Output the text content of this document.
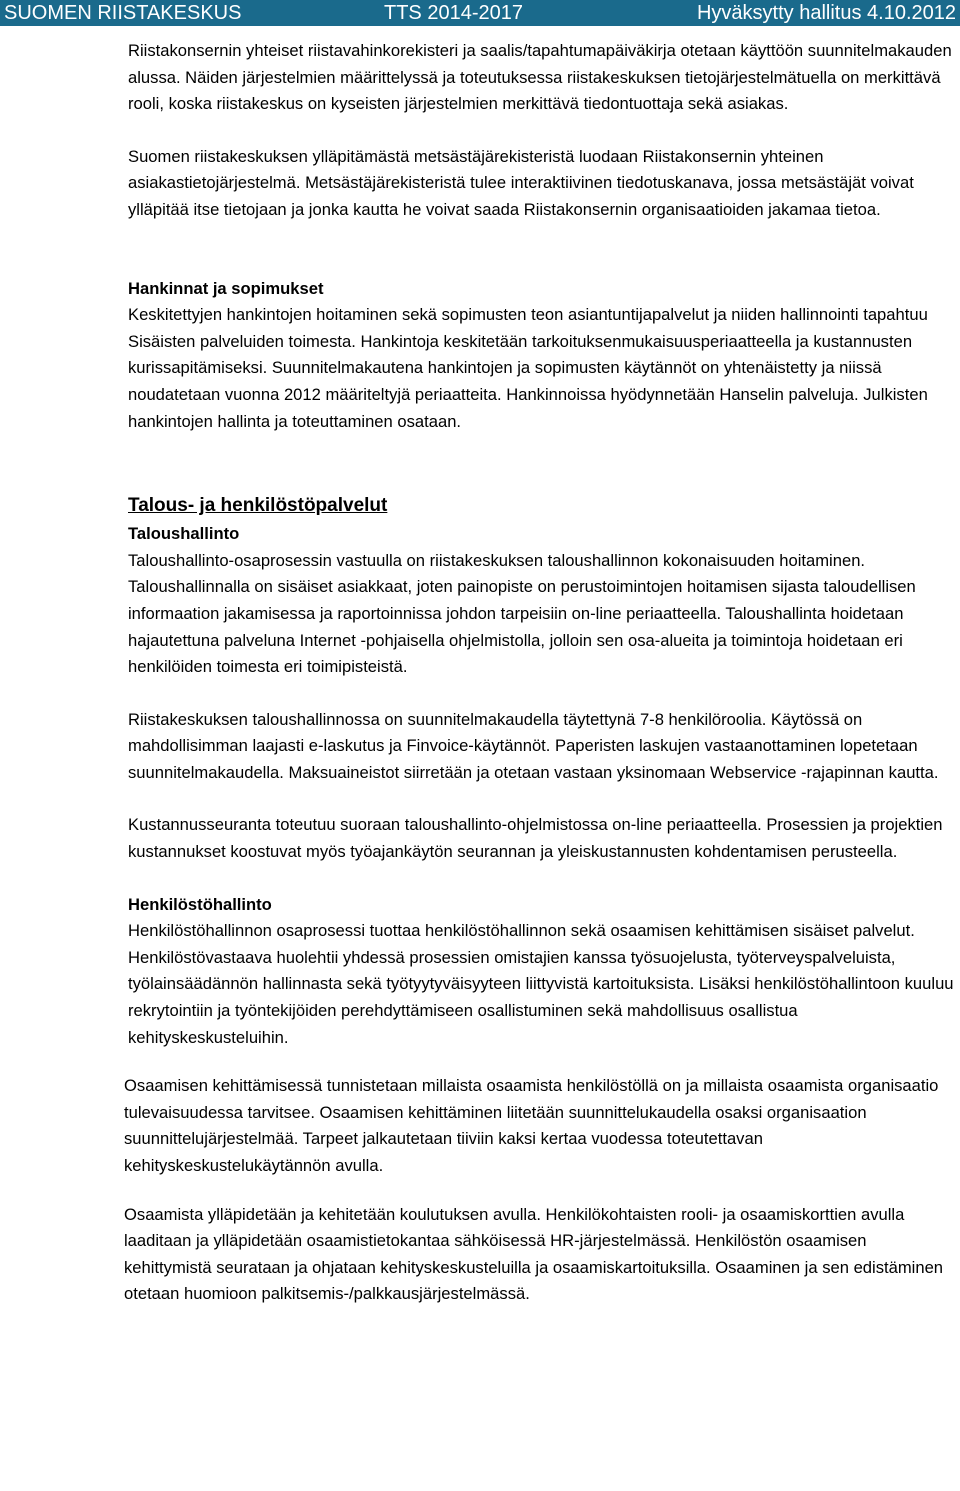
SUOMEN RIISTAKESKUS	TTS 2014-2017	Hyväksytty hallitus 4.10.2012

Riistakonsernin yhteiset riistavahinkorekisteri ja saalis/tapahtumapäiväkirja otetaan käyttöön suunnitelmakauden alussa. Näiden järjestelmien määrittelyssä ja toteutuksessa riistakeskuksen tietojärjestelmätuella on merkittävä rooli, koska riistakeskus on kyseisten järjestelmien merkittävä tiedontuottaja sekä asiakas.

Suomen riistakeskuksen ylläpitämästä metsästäjärekisteristä luodaan Riistakonsernin yhteinen asiakastietojärjestelmä. Metsästäjärekisteristä tulee interaktiivinen tiedotuskanava, jossa metsästäjät voivat ylläpitää itse tietojaan ja jonka kautta he voivat saada Riistakonsernin organisaatioiden jakamaa tietoa.

Hankinnat ja sopimukset

Keskitettyjen hankintojen hoitaminen sekä sopimusten teon asiantuntijapalvelut ja niiden hallinnointi tapahtuu Sisäisten palveluiden toimesta. Hankintoja keskitetään tarkoituksenmukaisuusperiaatteella ja kustannusten kurissapitämiseksi. Suunnitelmakautena hankintojen ja sopimusten käytännöt on yhtenäistetty ja niissä noudatetaan vuonna 2012 määriteltyjä periaatteita. Hankinnoissa hyödynnetään Hanselin palveluja. Julkisten hankintojen hallinta ja toteuttaminen osataan.

Talous- ja henkilöstöpalvelut
Taloushallinto

Taloushallinto-osaprosessin vastuulla on riistakeskuksen taloushallinnon kokonaisuuden hoitaminen. Taloushallinnalla on sisäiset asiakkaat, joten painopiste on perustoimintojen hoitamisen sijasta taloudellisen informaation jakamisessa ja raportoinnissa johdon tarpeisiin on-line periaatteella. Taloushallinta hoidetaan hajautettuna palveluna Internet -pohjaisella ohjelmistolla, jolloin sen osa-alueita ja toimintoja hoidetaan eri henkilöiden toimesta eri toimipisteistä.

Riistakeskuksen taloushallinnossa on suunnitelmakaudella täytettynä 7-8 henkilöroolia. Käytössä on mahdollisimman laajasti e-laskutus ja Finvoice-käytännöt. Paperisten laskujen vastaanottaminen lopetetaan suunnitelmakaudella. Maksuaineistot siirretään ja otetaan vastaan yksinomaan Webservice -rajapinnan kautta.

Kustannusseuranta toteutuu suoraan taloushallinto-ohjelmistossa on-line periaatteella. Prosessien ja projektien kustannukset koostuvat myös työajankäytön seurannan ja yleiskustannusten kohdentamisen perusteella.

Henkilöstöhallinto

Henkilöstöhallinnon osaprosessi tuottaa henkilöstöhallinnon sekä osaamisen kehittämisen sisäiset palvelut. Henkilöstövastaava huolehtii yhdessä prosessien omistajien kanssa työsuojelusta, työterveyspalveluista, työlainsäädännön hallinnasta sekä työtyytyväisyyteen liittyvistä kartoituksista. Lisäksi henkilöstöhallintoon kuuluu rekrytointiin ja työntekijöiden perehdyttämiseen osallistuminen sekä mahdollisuus osallistua kehityskeskusteluihin.

Osaamisen kehittämisessä tunnistetaan millaista osaamista henkilöstöllä on ja millaista osaamista organisaatio tulevaisuudessa tarvitsee. Osaamisen kehittäminen liitetään suunnittelukaudella osaksi organisaation suunnittelujärjestelmää. Tarpeet jalkautetaan tiiviin kaksi kertaa vuodessa toteutettavan kehityskeskustelukäytännön avulla.

Osaamista ylläpidetään ja kehitetään koulutuksen avulla. Henkilökohtaisten rooli- ja osaamiskorttien avulla laaditaan ja ylläpidetään osaamistietokantaa sähköisessä HR-järjestelmässä. Henkilöstön osaamisen kehittymistä seurataan ja ohjataan kehityskeskusteluilla ja osaamiskartoituksilla. Osaaminen ja sen edistäminen otetaan huomioon palkitsemis-/palkkausjärjestelmässä.
